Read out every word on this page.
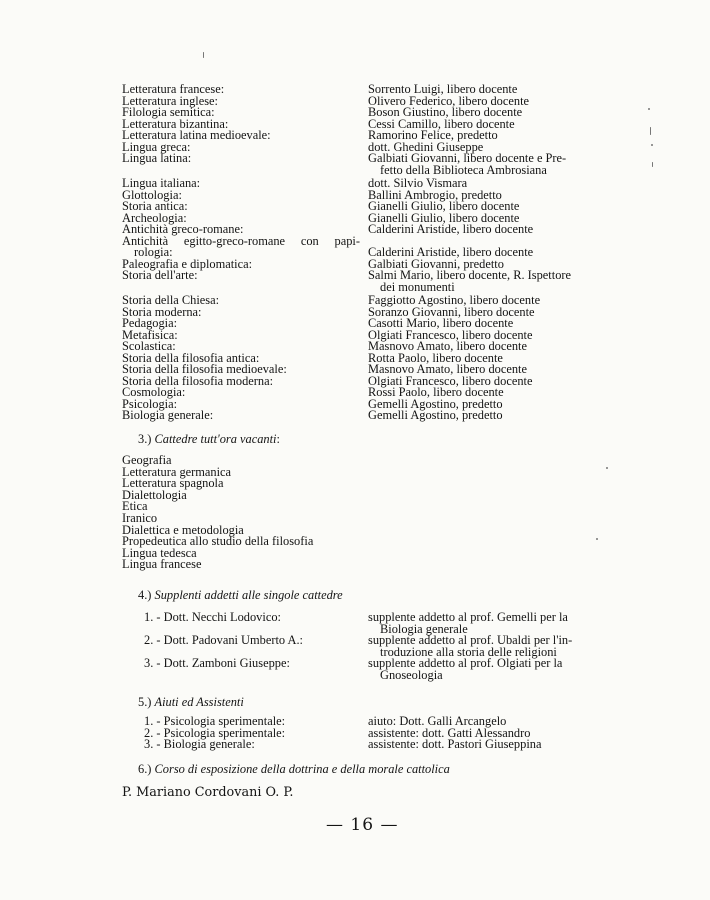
Letteratura francese:	Sorrento Luigi, libero docente
Letteratura inglese:	Olivero Federico, libero docente
Filologia semitica:	Boson Giustino, libero docente
Letteratura bizantina:	Cessi Camillo, libero docente
Letteratura latina medioevale:	Ramorino Felice, predetto
Lingua greca:	dott. Ghedini Giuseppe
Lingua latina:	Galbiati Giovanni, libero docente e Pre-
fetto della Biblioteca Ambrosiana
Lingua italiana:	dott. Silvio Vismara
Glottologia:	Ballini Ambrogio, predetto
Storia antica:	Gianelli Giulio, libero docente
Archeologia:	Gianelli Giulio, libero docente
Antichità greco-romane:	Calderini Aristide, libero docente
Antichità egitto-greco-romane con papi-
rologia:	Calderini Aristide, libero docente
Paleografia e diplomatica:	Galbiati Giovanni, predetto
Storia dell'arte:	Salmi Mario, libero docente, R. Ispettore
dei monumenti
Storia della Chiesa:	Faggiotto Agostino, libero docente
Storia moderna:	Soranzo Giovanni, libero docente
Pedagogia:	Casotti Mario, libero docente
Metafisica:	Olgiati Francesco, libero docente
Scolastica:	Masnovo Amato, libero docente
Storia della filosofia antica:	Rotta Paolo, libero docente
Storia della filosofia medioevale:	Masnovo Amato, libero docente
Storia della filosofia moderna:	Olgiati Francesco, libero docente
Cosmologia:	Rossi Paolo, libero docente
Psicologia:	Gemelli Agostino, predetto
Biologia generale:	Gemelli Agostino, predetto
3.) Cattedre tutt'ora vacanti:
Geografia
Letteratura germanica
Letteratura spagnola
Dialettologia
Etica
Iranico
Dialettica e metodologia
Propedeutica allo studio della filosofia
Lingua tedesca
Lingua francese
4.) Supplenti addetti alle singole cattedre
1. - Dott. Necchi Lodovico:	supplente addetto al prof. Gemelli per la
Biologia generale
2. - Dott. Padovani Umberto A.:	supplente addetto al prof. Ubaldi per l'in-
troduzione alla storia delle religioni
3. - Dott. Zamboni Giuseppe:	supplente addetto al prof. Olgiati per la
Gnoseologia
5.) Aiuti ed Assistenti
1. - Psicologia sperimentale:	aiuto: Dott. Galli Arcangelo
2. - Psicologia sperimentale:	assistente: dott. Gatti Alessandro
3. - Biologia generale:	assistente: dott. Pastori Giuseppina
6.) Corso di esposizione della dottrina e della morale cattolica
P. Mariano Cordovani O. P.
— 16 —
